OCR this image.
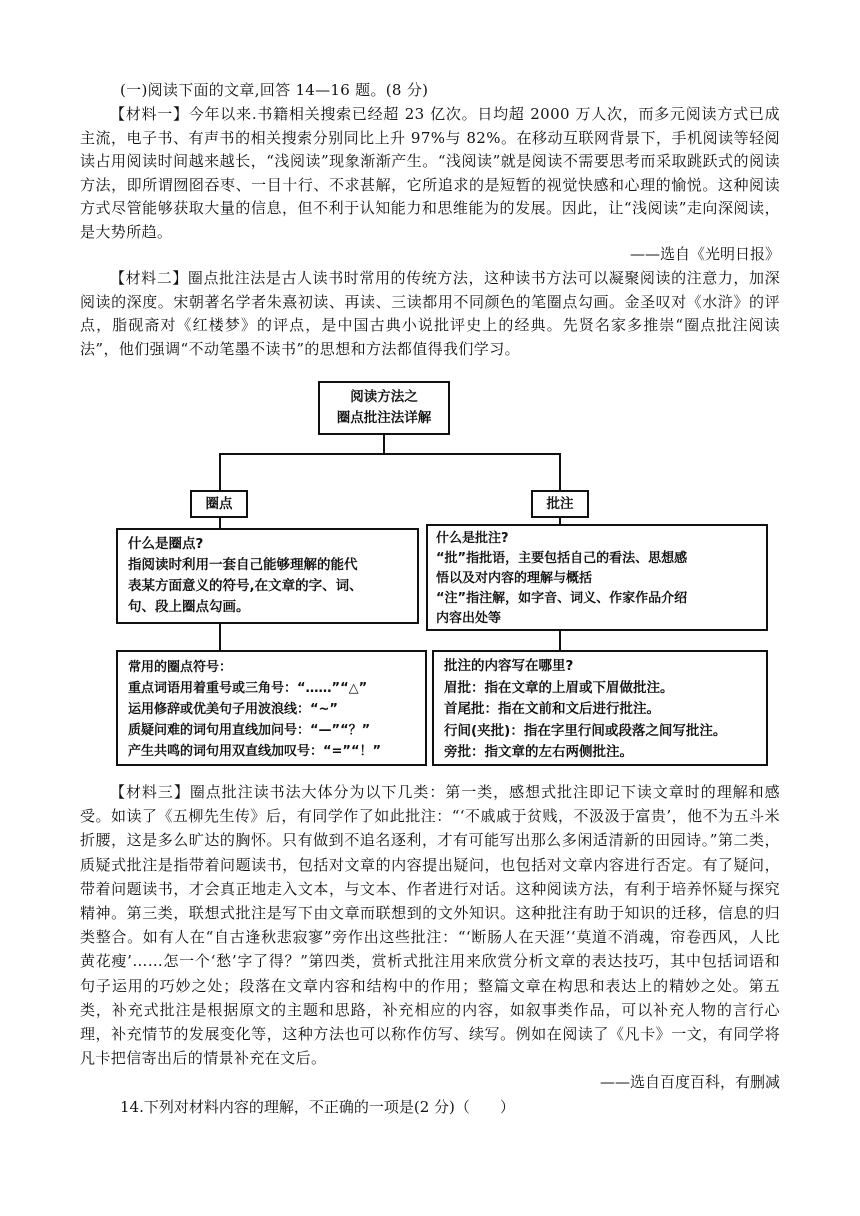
(一)阅读下面的文章,回答 14—16 题。(8 分)
【材料一】今年以来.书籍相关搜索已经超 23 亿次。日均超 2000 万人次，而多元阅读方式已成主流，电子书、有声书的相关搜索分别同比上升 97%与 82%。在移动互联网背景下，手机阅读等轻阅读占用阅读时间越来越长，“浅阅读”现象渐渐产生。“浅阅读”就是阅读不需要思考而采取跳跃式的阅读方法，即所谓囫囵吞枣、一目十行、不求甚解，它所追求的是短暂的视觉快感和心理的愉悦。这种阅读方式尽管能够获取大量的信息，但不利于认知能力和思维能为的发展。因此，让“浅阅读”走向深阅读，是大势所趋。
——选自《光明日报》
【材料二】圈点批注法是古人读书时常用的传统方法，这种读书方法可以凝聚阅读的注意力，加深阅读的深度。宋朝著名学者朱熹初读、再读、三读都用不同颜色的笔圈点勾画。金圣叹对《水浒》的评点，脂砚斋对《红楼梦》的评点，是中国古典小说批评史上的经典。先贤名家多推崇“圈点批注阅读法”，他们强调“不动笔墨不读书”的思想和方法都值得我们学习。
阅读方法之
圈点批注法详解
圈点	批注
什么是圈点?
指阅读时利用一套自己能够理解的能代
表某方面意义的符号,在文章的字、词、
句、段上圈点勾画。
什么是批注?
“批”指批语，主要包括自己的看法、思想感
悟以及对内容的理解与概括
“注”指注解，如字音、词义、作家作品介绍
内容出处等
常用的圈点符号：
重点词语用着重号或三角号：“……”“△”
运用修辞或优美句子用波浪线：“~”
质疑问难的词句用直线加问号：“—”“？”
产生共鸣的词句用双直线加叹号：“=”“！”
批注的内容写在哪里?
眉批：指在文章的上眉或下眉做批注。
首尾批：指在文前和文后进行批注。
行间(夹批)：指在字里行间或段落之间写批注。
旁批：指文章的左右两侧批注。
【材料三】圈点批注读书法大体分为以下几类：第一类，感想式批注即记下读文章时的理解和感受。如读了《五柳先生传》后，有同学作了如此批注：“‘不戚戚于贫贱，不汲汲于富贵’，他不为五斗米折腰，这是多么旷达的胸怀。只有做到不追名逐利，才有可能写出那么多闲适清新的田园诗。”第二类，质疑式批注是指带着问题读书，包括对文章的内容提出疑问，也包括对文章内容进行否定。有了疑问，带着问题读书，才会真正地走入文本，与文本、作者进行对话。这种阅读方法，有利于培养怀疑与探究精神。第三类，联想式批注是写下由文章而联想到的文外知识。这种批注有助于知识的迁移，信息的归类整合。如有人在“自古逢秋悲寂寥”旁作出这些批注：“‘断肠人在天涯’‘莫道不消魂，帘卷西风，人比黄花瘦’……怎一个‘愁’字了得？”第四类，赏析式批注用来欣赏分析文章的表达技巧，其中包括词语和句子运用的巧妙之处；段落在文章内容和结构中的作用；整篇文章在构思和表达上的精妙之处。第五类，补充式批注是根据原文的主题和思路，补充相应的内容，如叙事类作品，可以补充人物的言行心理，补充情节的发展变化等，这种方法也可以称作仿写、续写。例如在阅读了《凡卡》一文，有同学将凡卡把信寄出后的情景补充在文后。
——选自百度百科，有删减
14.下列对材料内容的理解，不正确的一项是(2 分)（　　）
